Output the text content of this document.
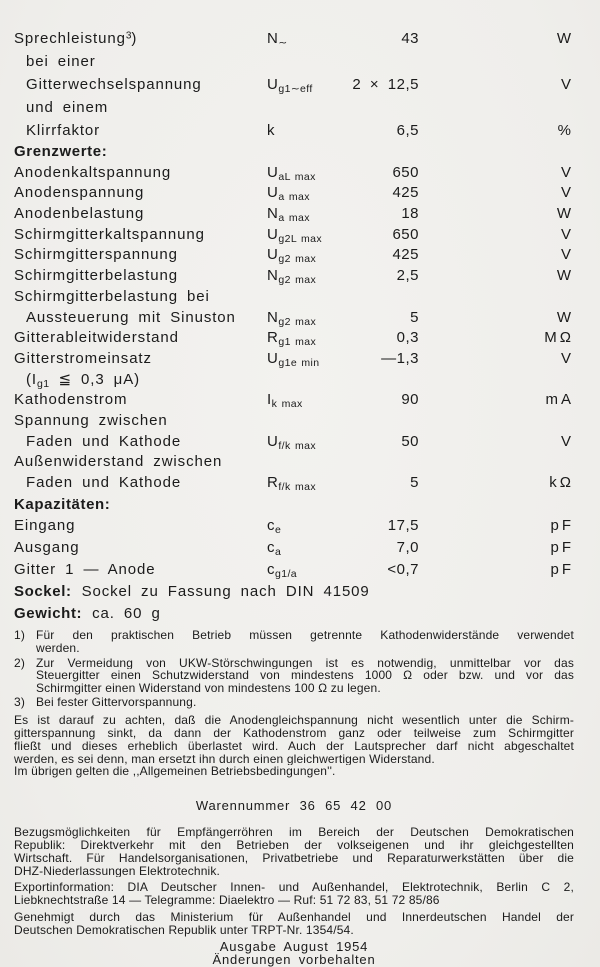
Sprechleistung$^3$)	$N_\sim$	43	W
bei einer
Gitterwechselspannung	$U_{g1\sim eff}$	2 × 12,5	V
und einem
Klirrfaktor	k	6,5	%
Grenzwerte:
Anodenkaltspannung	$U_{aL max}$	650	V
Anodenspannung	$U_{a max}$	425	V
Anodenbelastung	$N_{a max}$	18	W
Schirmgitterkaltspannung	$U_{g2L max}$	650	V
Schirmgitterspannung	$U_{g2 max}$	425	V
Schirmgitterbelastung	$N_{g2 max}$	2,5	W
Schirmgitterbelastung bei
Aussteuerung mit Sinuston	$N_{g2 max}$	5	W
Gitterableitwiderstand	$R_{g1 max}$	0,3	MΩ
Gitterstromeinsatz	$U_{g1e min}$	—1,3	V
($I_{g1}$ ≦ 0,3 μA)
Kathodenstrom	$I_{k max}$	90	mA
Spannung zwischen
Faden und Kathode	$U_{f/k max}$	50	V
Außenwiderstand zwischen
Faden und Kathode	$R_{f/k max}$	5	kΩ
Kapazitäten:
Eingang	$c_e$	17,5	pF
Ausgang	$c_a$	7,0	pF
Gitter 1 — Anode	$c_{g1/a}$	<0,7	pF
Sockel: Sockel zu Fassung nach DIN 41509
Gewicht: ca. 60 g
1) Für den praktischen Betrieb müssen getrennte Kathodenwiderstände verwendet
werden.
2) Zur Vermeidung von UKW-Störschwingungen ist es notwendig, unmittelbar vor das
Steuergitter einen Schutzwiderstand von mindestens 1000 Ω oder bzw. und vor das
Schirmgitter einen Widerstand von mindestens 100 Ω zu legen.
3) Bei fester Gittervorspannung.
Es ist darauf zu achten, daß die Anodengleichspannung nicht wesentlich unter die Schirm-
gitterspannung sinkt, da dann der Kathodenstrom ganz oder teilweise zum Schirmgitter
fließt und dieses erheblich überlastet wird. Auch der Lautsprecher darf nicht abgeschaltet
werden, es sei denn, man ersetzt ihn durch einen gleichwertigen Widerstand.
Im übrigen gelten die ,,Allgemeinen Betriebsbedingungen''.
Warennummer 36 65 42 00
Bezugsmöglichkeiten für Empfängerröhren im Bereich der Deutschen Demokratischen
Republik: Direktverkehr mit den Betrieben der volkseigenen und ihr gleichgestellten
Wirtschaft. Für Handelsorganisationen, Privatbetriebe und Reparaturwerkstätten über die
DHZ-Niederlassungen Elektrotechnik.
Exportinformation: DIA Deutscher Innen- und Außenhandel, Elektrotechnik, Berlin C 2,
Liebknechtstraße 14 — Telegramme: Diaelektro — Ruf: 51 72 83, 51 72 85/86
Genehmigt durch das Ministerium für Außenhandel und Innerdeutschen Handel der
Deutschen Demokratischen Republik unter TRPT-Nr. 1354/54.
Ausgabe August 1954
Änderungen vorbehalten
